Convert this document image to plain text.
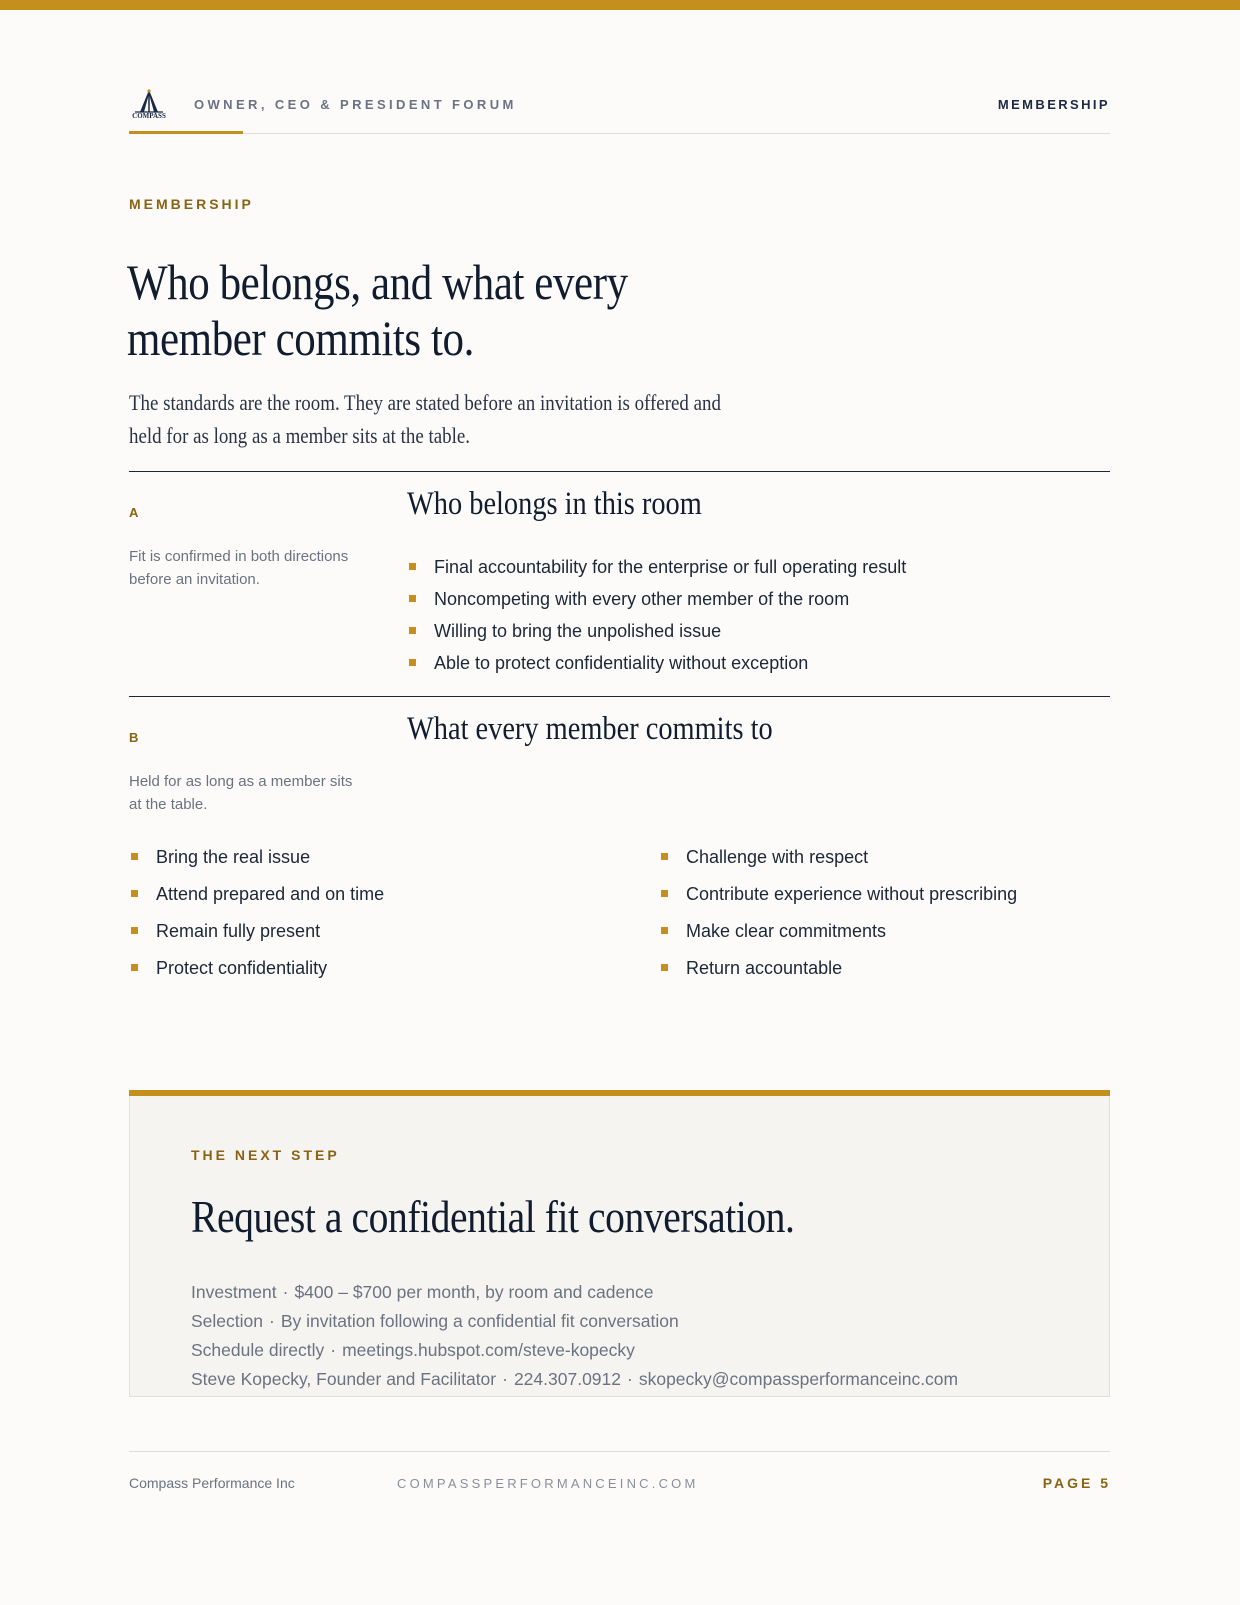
COMPASS
OWNER, CEO & PRESIDENT FORUM	MEMBERSHIP
MEMBERSHIP
Who belongs, and what every
member commits to.
The standards are the room. They are stated before an invitation is offered and
held for as long as a member sits at the table.
A
Fit is confirmed in both directions before an invitation.
Who belongs in this room
Final accountability for the enterprise or full operating result
Noncompeting with every other member of the room
Willing to bring the unpolished issue
Able to protect confidentiality without exception
B
Held for as long as a member sits at the table.
What every member commits to
Bring the real issue
Attend prepared and on time
Remain fully present
Protect confidentiality
Challenge with respect
Contribute experience without prescribing
Make clear commitments
Return accountable
THE NEXT STEP
Request a confidential fit conversation.
Investment · $400 – $700 per month, by room and cadence
Selection · By invitation following a confidential fit conversation
Schedule directly · meetings.hubspot.com/steve-kopecky
Steve Kopecky, Founder and Facilitator · 224.307.0912 · skopecky@compassperformanceinc.com
Compass Performance Inc	COMPASSPERFORMANCEINC.COM	PAGE 5
